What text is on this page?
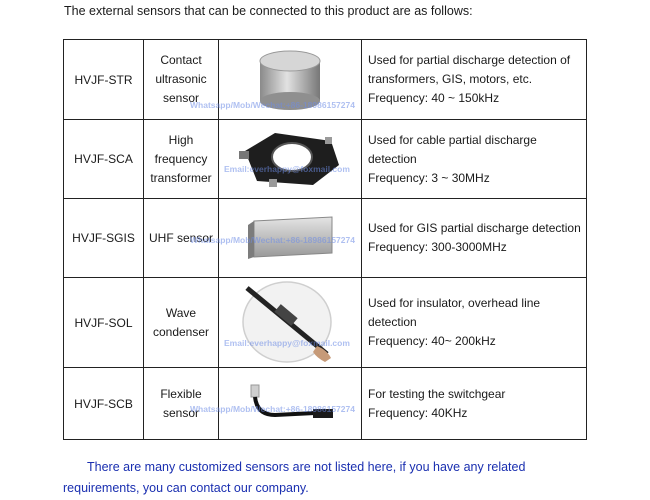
The external sensors that can be connected to this product are as follows:
HVJF-STR	Contact ultrasonic sensor		Used for partial discharge detection of transformers, GIS, motors, etc.
Frequency: 40 ~ 150kHz

HVJF-SCA	High frequency transformer		Used for cable partial discharge detection
Frequency: 3 ~ 30MHz

HVJF-SGIS	UHF sensor		Used for GIS partial discharge detection
Frequency: 300-3000MHz

HVJF-SOL	Wave condenser		Used for insulator, overhead line detection
Frequency: 40~ 200kHz

HVJF-SCB	Flexible sensor		For testing the switchgear
Frequency: 40KHz
Whatsapp/Mob/Wechat:+86-18986157274
Email:everhappy@foxmail.com
Whatsapp/Mob/Wechat:+86-18986157274
Email:everhappy@foxmail.com
Whatsapp/Mob/Wechat:+86-18986157274
There are many customized sensors are not listed here, if you have any related requirements, you can contact our company.
